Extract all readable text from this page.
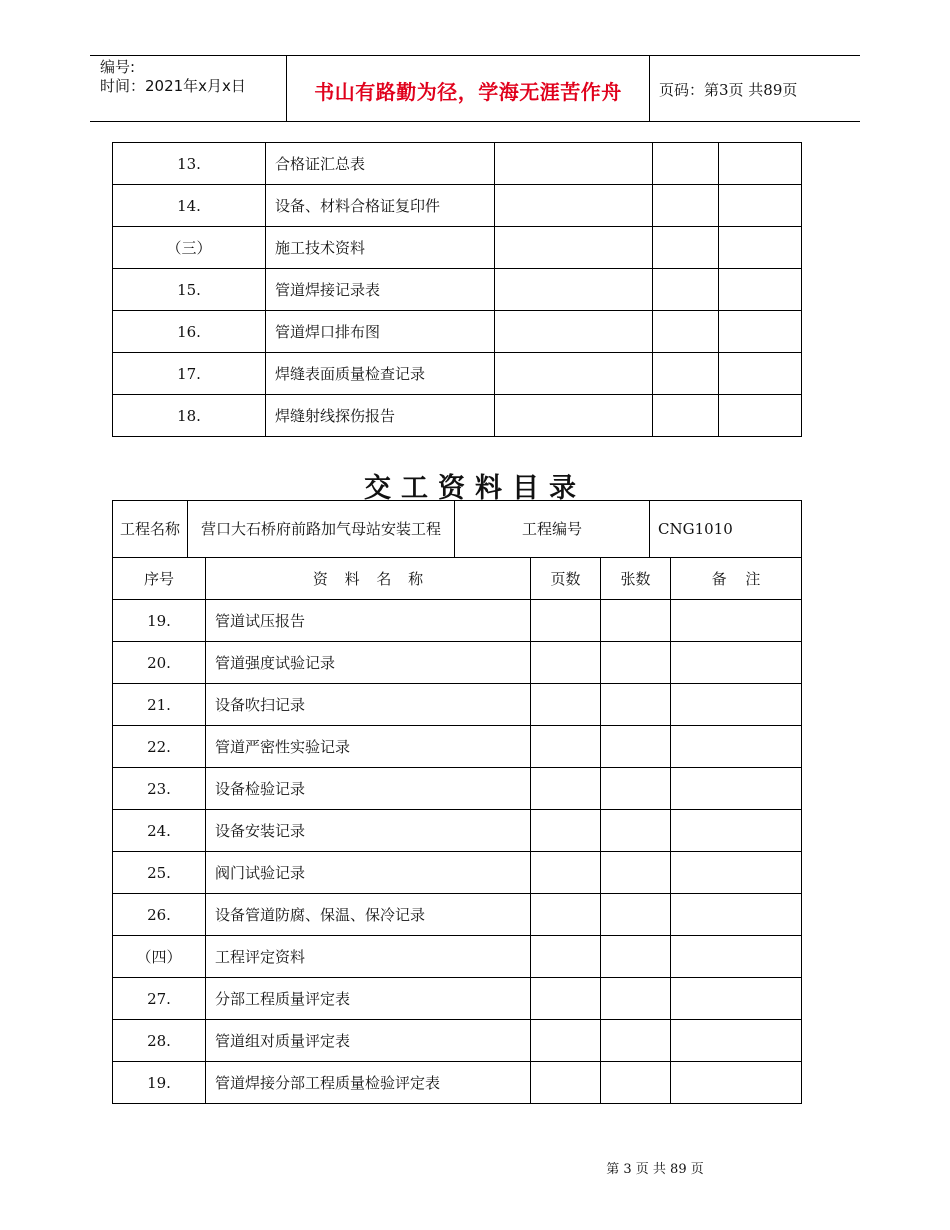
编号:
时间：2021年x月x日	书山有路勤为径，学海无涯苦作舟	页码：第3页 共89页
13.	合格证汇总表			
14.	设备、材料合格证复印件			
（三）	施工技术资料			
15.	管道焊接记录表			
16.	管道焊口排布图			
17.	焊缝表面质量检查记录			
18.	焊缝射线探伤报告			
交工资料目录
工程名称	营口大石桥府前路加气母站安装工程		工程编号			CNG1010	
序号		资 料 名 称		页数	张数		备 注
19.		管道试压报告					
20.		管道强度试验记录					
21.		设备吹扫记录					
22.		管道严密性实验记录					
23.		设备检验记录					
24.		设备安装记录					
25.		阀门试验记录					
26.		设备管道防腐、保温、保冷记录					
（四）		工程评定资料					
27.		分部工程质量评定表					
28.		管道组对质量评定表					
19.		管道焊接分部工程质量检验评定表					
第 3 页 共 89 页
